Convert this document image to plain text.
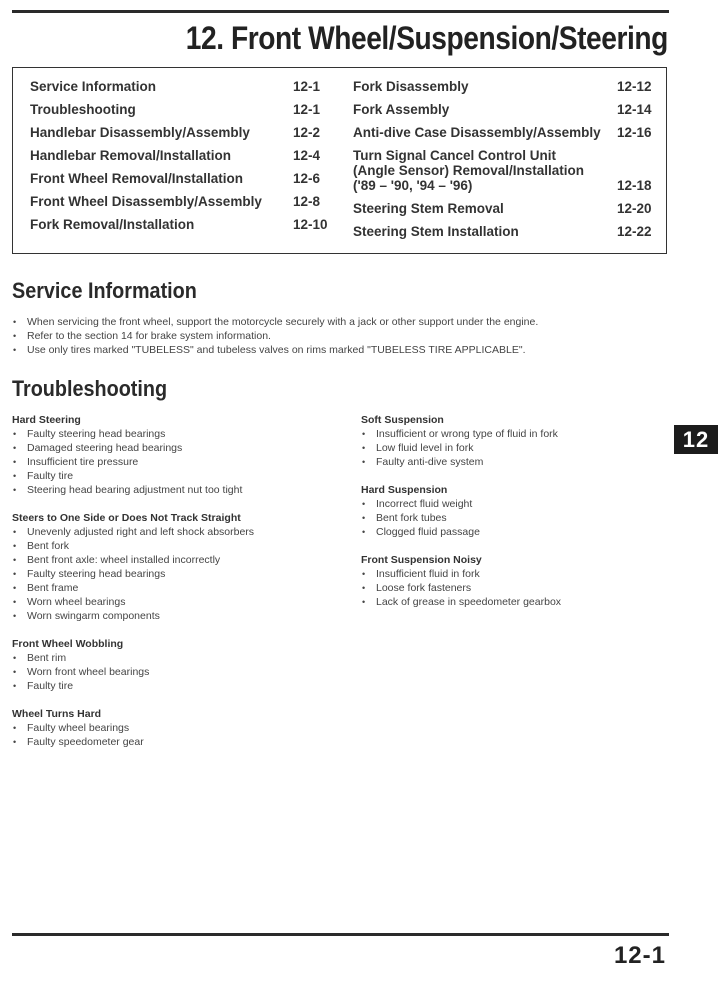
12. Front Wheel/Suspension/Steering
Service Information	12-1
Troubleshooting	12-1
Handlebar Disassembly/Assembly	12-2
Handlebar Removal/Installation	12-4
Front Wheel Removal/Installation	12-6
Front Wheel Disassembly/Assembly 12-8
Fork Removal/Installation	12-10
Fork Disassembly	12-12
Fork Assembly	12-14
Anti-dive Case Disassembly/Assembly 12-16
Turn Signal Cancel Control Unit
(Angle Sensor) Removal/Installation
('89 – '90, '94 – '96)	12-18
Steering Stem Removal	12-20
Steering Stem Installation	12-22
Service Information
• When servicing the front wheel, support the motorcycle securely with a jack or other support under the engine.
• Refer to the section 14 for brake system information.
• Use only tires marked "TUBELESS" and tubeless valves on rims marked "TUBELESS TIRE APPLICABLE".
Troubleshooting
Hard Steering
• Faulty steering head bearings
• Damaged steering head bearings
• Insufficient tire pressure
• Faulty tire
• Steering head bearing adjustment nut too tight
Steers to One Side or Does Not Track Straight
• Unevenly adjusted right and left shock absorbers
• Bent fork
• Bent front axle: wheel installed incorrectly
• Faulty steering head bearings
• Bent frame
• Worn wheel bearings
• Worn swingarm components
Front Wheel Wobbling
• Bent rim
• Worn front wheel bearings
• Faulty tire
Wheel Turns Hard
• Faulty wheel bearings
• Faulty speedometer gear
Soft Suspension
• Insufficient or wrong type of fluid in fork
• Low fluid level in fork
• Faulty anti-dive system
Hard Suspension
• Incorrect fluid weight
• Bent fork tubes
• Clogged fluid passage
Front Suspension Noisy
• Insufficient fluid in fork
• Loose fork fasteners
• Lack of grease in speedometer gearbox
12
12-1
